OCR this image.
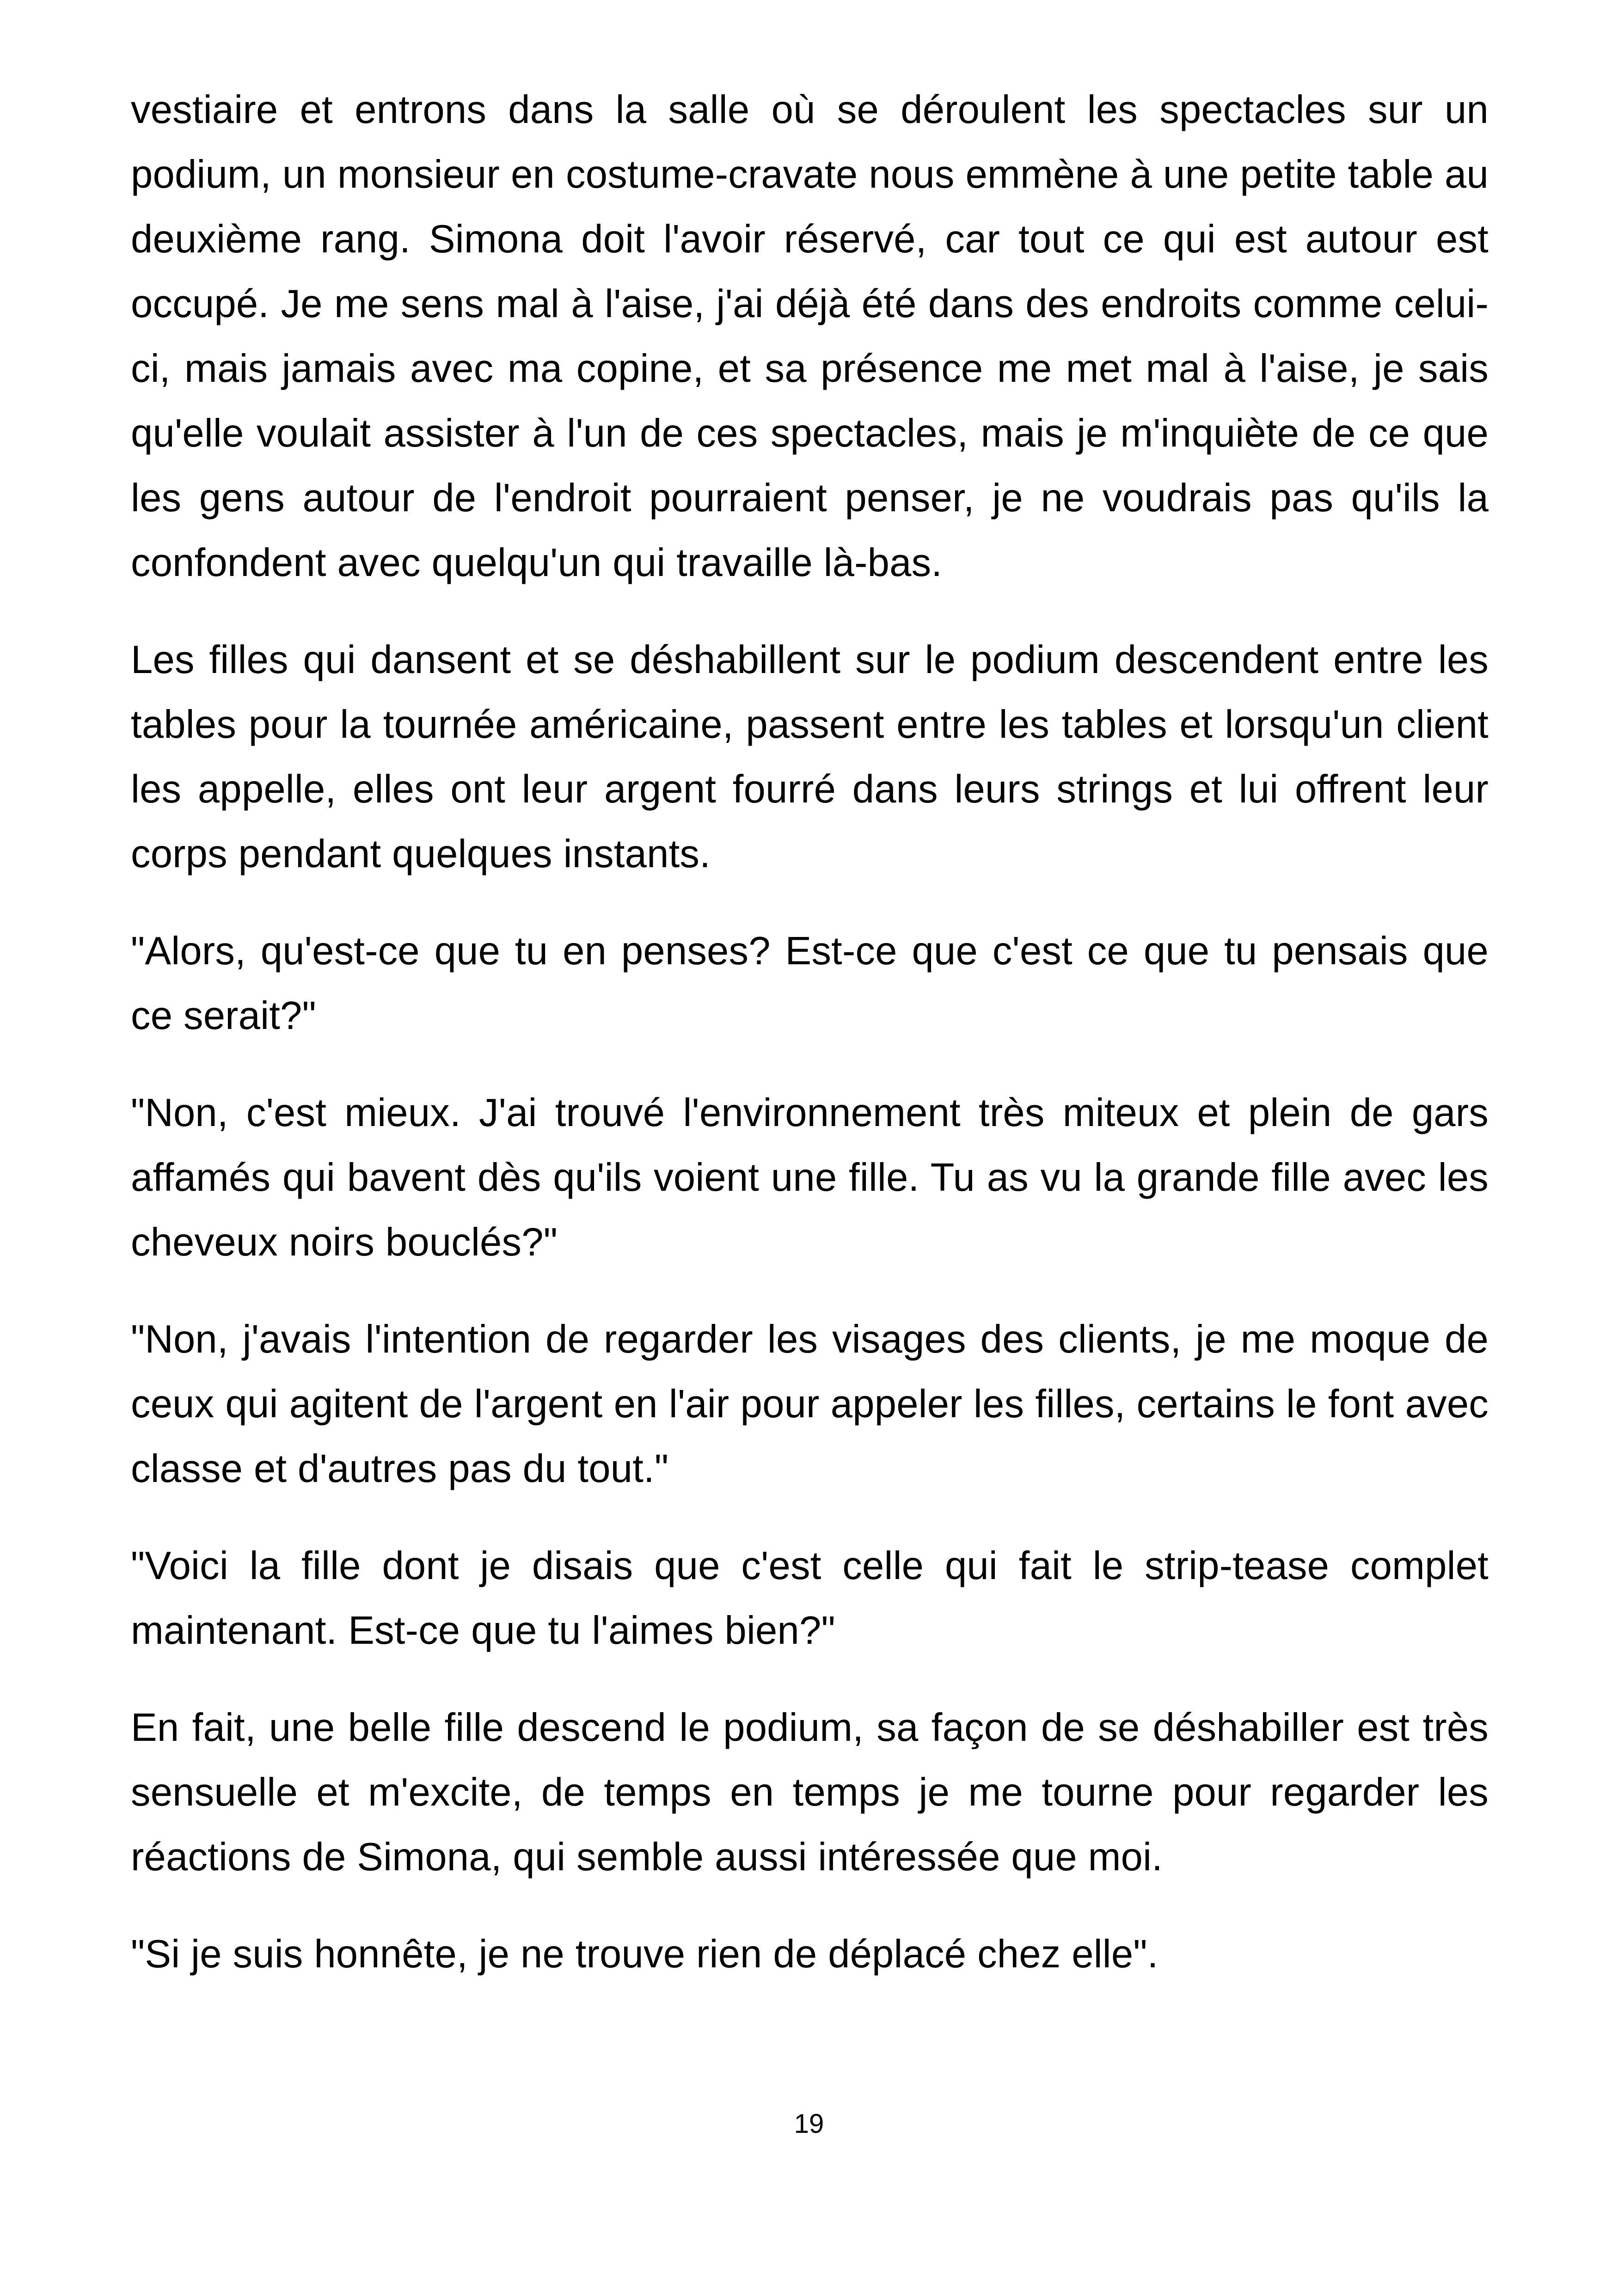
vestiaire et entrons dans la salle où se déroulent les spectacles sur un podium, un monsieur en costume-cravate nous emmène à une petite table au deuxième rang. Simona doit l'avoir réservé, car tout ce qui est autour est occupé. Je me sens mal à l'aise, j'ai déjà été dans des endroits comme celui-ci, mais jamais avec ma copine, et sa présence me met mal à l'aise, je sais qu'elle voulait assister à l'un de ces spectacles, mais je m'inquiète de ce que les gens autour de l'endroit pourraient penser, je ne voudrais pas qu'ils la confondent avec quelqu'un qui travaille là-bas.

Les filles qui dansent et se déshabillent sur le podium descendent entre les tables pour la tournée américaine, passent entre les tables et lorsqu'un client les appelle, elles ont leur argent fourré dans leurs strings et lui offrent leur corps pendant quelques instants.

"Alors, qu'est-ce que tu en penses? Est-ce que c'est ce que tu pensais que ce serait?"

"Non, c'est mieux. J'ai trouvé l'environnement très miteux et plein de gars affamés qui bavent dès qu'ils voient une fille. Tu as vu la grande fille avec les cheveux noirs bouclés?"

"Non, j'avais l'intention de regarder les visages des clients, je me moque de ceux qui agitent de l'argent en l'air pour appeler les filles, certains le font avec classe et d'autres pas du tout."

"Voici la fille dont je disais que c'est celle qui fait le strip-tease complet maintenant. Est-ce que tu l'aimes bien?"

En fait, une belle fille descend le podium, sa façon de se déshabiller est très sensuelle et m'excite, de temps en temps je me tourne pour regarder les réactions de Simona, qui semble aussi intéressée que moi.

"Si je suis honnête, je ne trouve rien de déplacé chez elle".

19
